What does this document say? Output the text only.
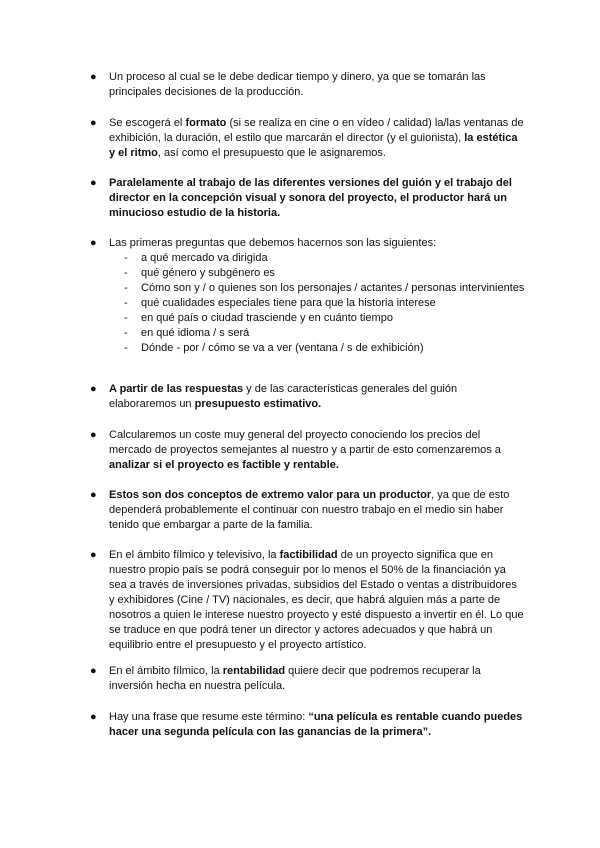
●	Un proceso al cual se le debe dedicar tiempo y dinero, ya que se tomarán las principales decisiones de la producción.
●	Se escogerá el formato (si se realiza en cine o en vídeo / calidad) la/las ventanas de exhibición, la duración, el estilo que marcarán el director (y el guionista), la estética y el ritmo, así como el presupuesto que le asignaremos.
●	Paralelamente al trabajo de las diferentes versiones del guión y el trabajo del director en la concepción visual y sonora del proyecto, el productor hará un minucioso estudio de la historia.
●	Las primeras preguntas que debemos hacernos son las siguientes:
- a qué mercado va dirigida
- qué género y subgénero es
- Cómo son y / o quienes son los personajes / actantes / personas intervinientes
- qué cualidades especiales tiene para que la historia interese
- en qué país o ciudad trasciende y en cuánto tiempo
- en qué idioma / s será
- Dónde - por / cómo se va a ver (ventana / s de exhibición)
●	A partir de las respuestas y de las características generales del guión elaboraremos un presupuesto estimativo.
●	Calcularemos un coste muy general del proyecto conociendo los precios del mercado de proyectos semejantes al nuestro y a partir de esto comenzaremos a analizar si el proyecto es factible y rentable.
●	Estos son dos conceptos de extremo valor para un productor, ya que de esto dependerá probablemente el continuar con nuestro trabajo en el medio sin haber tenido que embargar a parte de la familia.
●	En el ámbito fílmico y televisivo, la factibilidad de un proyecto significa que en nuestro propio país se podrá conseguir por lo menos el 50% de la financiación ya sea a través de inversiones privadas, subsidios del Estado o ventas a distribuidores y exhibidores (Cine / TV) nacionales, es decir, que habrá alguien más a parte de nosotros a quien le interese nuestro proyecto y esté dispuesto a invertir en él. Lo que se traduce en que podrá tener un director y actores adecuados y que habrá un equilibrio entre el presupuesto y el proyecto artístico.
●	En el ámbito fílmico, la rentabilidad quiere decir que podremos recuperar la inversión hecha en nuestra película.
●	Hay una frase que resume este término: “una película es rentable cuando puedes hacer una segunda película con las ganancias de la primera”.
